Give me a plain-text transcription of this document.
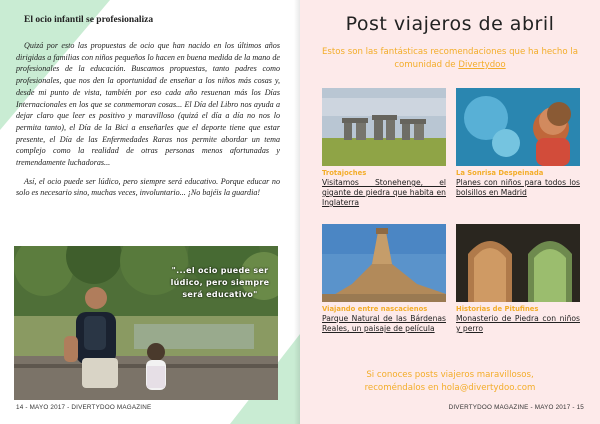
El ocio infantil se profesionaliza

Quizá por esto las propuestas de ocio que han nacido en los últimos años dirigidas a familias con niños pequeños lo hacen en buena medida de la mano de profesionales de la educación. Buscamos propuestas, tanto padres como profesionales, que nos den la oportunidad de enseñar a los niños más cosas y, desde mi punto de vista, también por eso cada año resuenan más los Días Internacionales en los que se conmemoran cosas... El Día del Libro nos ayuda a dejar claro que leer es positivo y maravilloso (quizá el día a día no nos lo permita tanto), el Día de la Bici a enseñarles que el deporte tiene que estar presente, el Día de las Enfermedades Raras nos permite abordar un tema complejo como la realidad de otras personas menos afortunadas y tremendamente luchadoras...

Así, el ocio puede ser lúdico, pero siempre será educativo. Porque educar no solo es necesario sino, muchas veces, involuntario... ¡No bajéis la guardia!

"...el ocio puede ser lúdico, pero siempre será educativo"
14 - MAYO 2017 - DIVERTYDOO MAGAZINE
Post viajeros de abril
Estos son las fantásticas recomendaciones que ha hecho la comunidad de Divertydoo
Trotajoches
Visitamos Stonehenge, el gigante de piedra que habita en Inglaterra
La Sonrisa Despeinada
Planes con niños para todos los bolsillos en Madrid
Viajando entre nascacienos
Parque Natural de las Bárdenas Reales, un paisaje de película
Historias de Pitufines
Monasterio de Piedra con niños y perro
Si conoces posts viajeros maravillosos,
recoméndalos en hola@divertydoo.com
DIVERTYDOO MAGAZINE - MAYO 2017 - 15
